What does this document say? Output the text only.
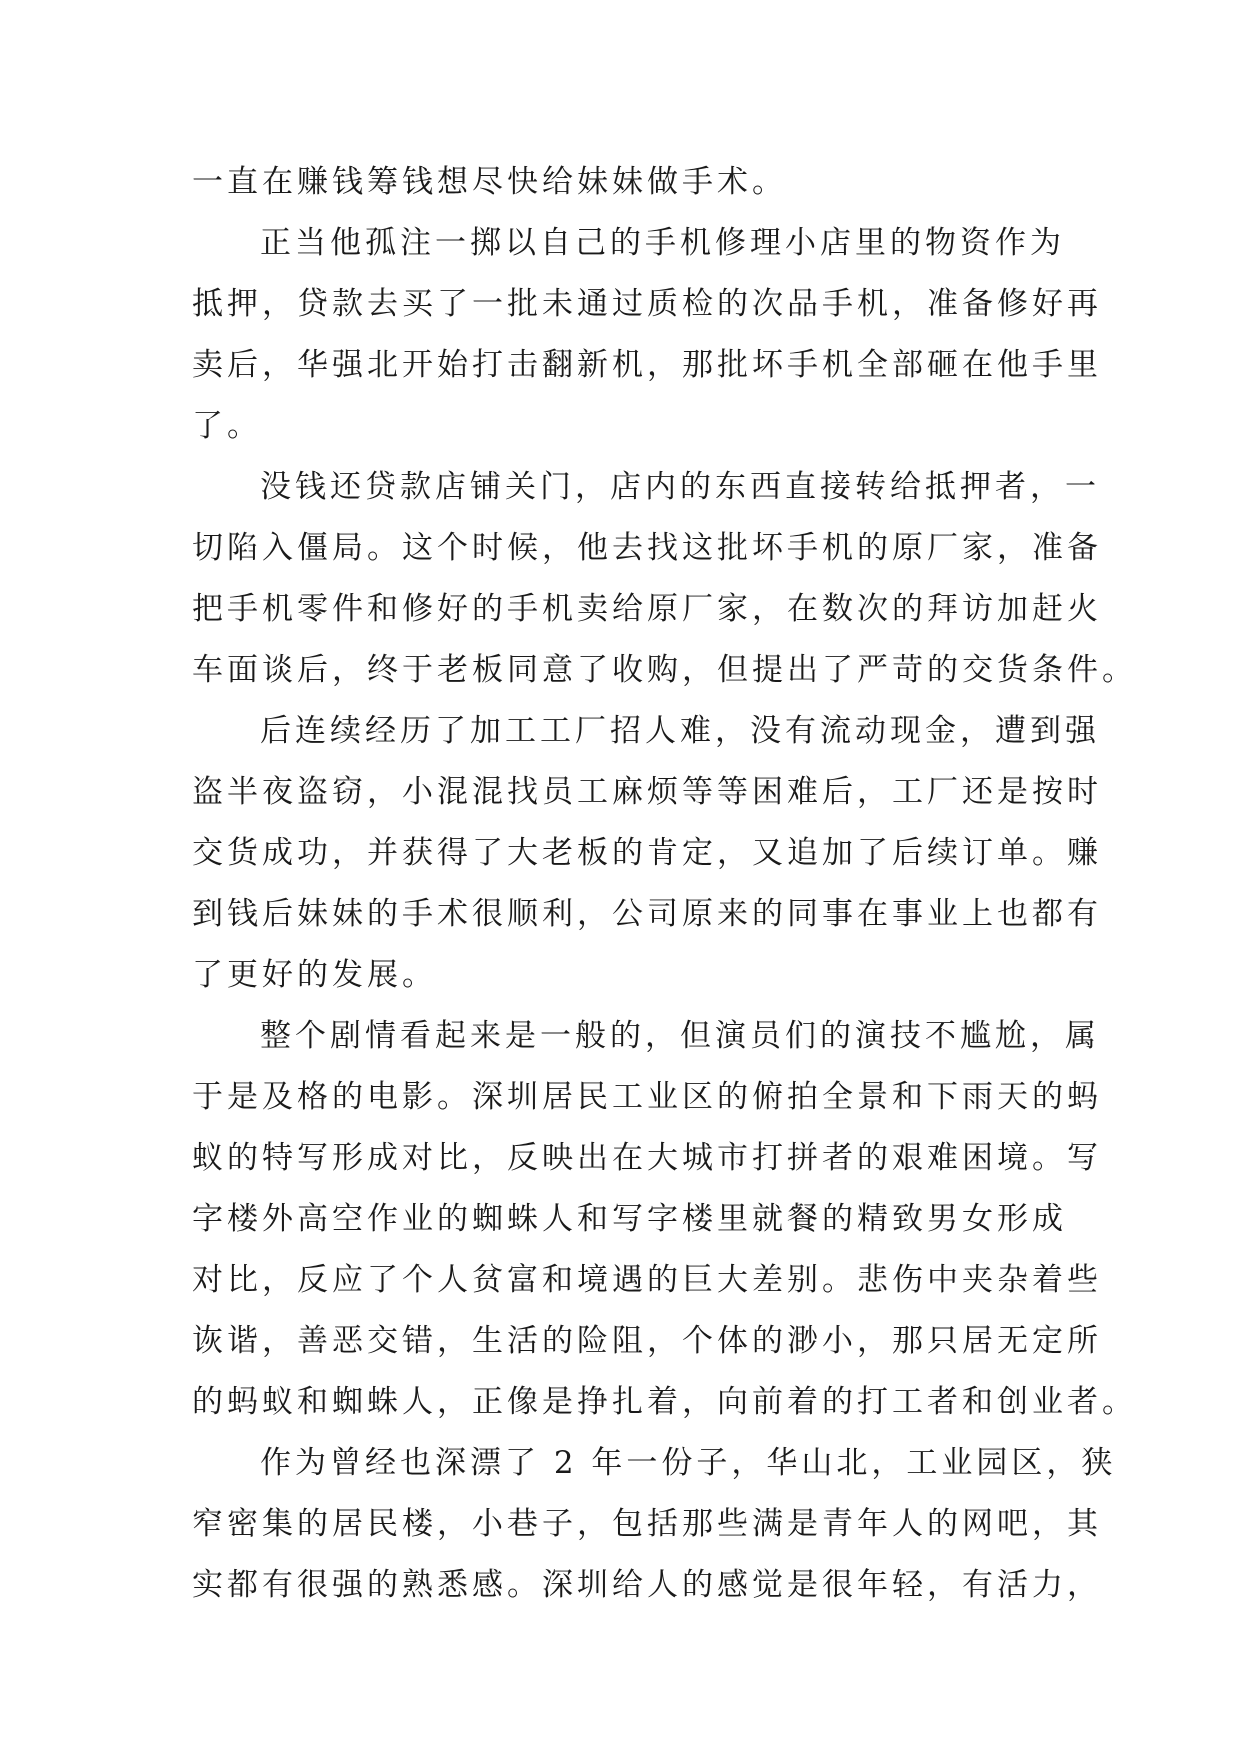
一直在赚钱筹钱想尽快给妹妹做手术。
正当他孤注一掷以自己的手机修理小店里的物资作为
抵押，贷款去买了一批未通过质检的次品手机，准备修好再
卖后，华强北开始打击翻新机，那批坏手机全部砸在他手里
了。
没钱还贷款店铺关门，店内的东西直接转给抵押者，一
切陷入僵局。这个时候，他去找这批坏手机的原厂家，准备
把手机零件和修好的手机卖给原厂家，在数次的拜访加赶火
车面谈后，终于老板同意了收购，但提出了严苛的交货条件。
后连续经历了加工工厂招人难，没有流动现金，遭到强
盗半夜盗窃，小混混找员工麻烦等等困难后，工厂还是按时
交货成功，并获得了大老板的肯定，又追加了后续订单。赚
到钱后妹妹的手术很顺利，公司原来的同事在事业上也都有
了更好的发展。
整个剧情看起来是一般的，但演员们的演技不尴尬，属
于是及格的电影。深圳居民工业区的俯拍全景和下雨天的蚂
蚁的特写形成对比，反映出在大城市打拼者的艰难困境。写
字楼外高空作业的蜘蛛人和写字楼里就餐的精致男女形成
对比，反应了个人贫富和境遇的巨大差别。悲伤中夹杂着些
诙谐，善恶交错，生活的险阻，个体的渺小，那只居无定所
的蚂蚁和蜘蛛人，正像是挣扎着，向前着的打工者和创业者。
作为曾经也深漂了 2 年一份子，华山北，工业园区，狭
窄密集的居民楼，小巷子，包括那些满是青年人的网吧，其
实都有很强的熟悉感。深圳给人的感觉是很年轻，有活力，
